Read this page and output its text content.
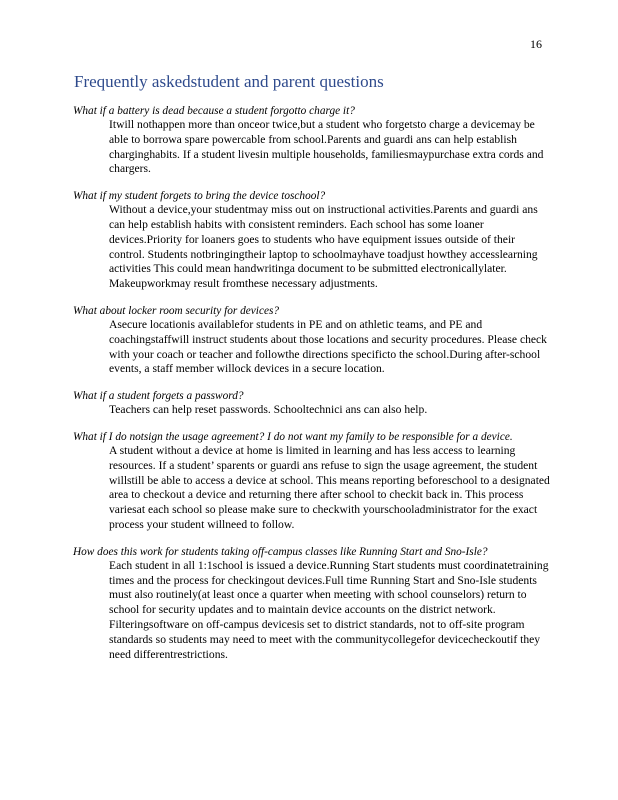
16
Frequently askedstudent and parent questions

What if a battery is dead because a student forgotto charge it?

Itwill nothappen more than onceor twice,but a student who forgetsto charge a devicemay be able to borrowa spare powercable from school.Parents and guardi ans can help establish charginghabits. If a student livesin multiple households, familiesmaypurchase extra cords and chargers.

What if my student forgets to bring the device toschool?

Without a device,your studentmay miss out on instructional activities.Parents and guardi ans can help establish habits with consistent reminders. Each school has some loaner devices.Priority for loaners goes to students who have equipment issues outside of their control. Students notbringingtheir laptop to schoolmayhave toadjust howthey accesslearning activities This could mean handwritinga document to be submitted electronicallylater. Makeupworkmay result fromthese necessary adjustments.

What about locker room security for devices?

Asecure locationis availablefor students in PE and on athletic teams, and PE and coachingstaffwill instruct students about those locations and security procedures. Please check with your coach or teacher and followthe directions specificto the school.During after-school events, a staff member willock devices in a secure location.

What if a student forgets a password?

Teachers can help reset passwords. Schooltechnici ans can also help.

What if I do notsign the usage agreement? I do not want my family to be responsible for a device.

A student without a device at home is limited in learning and has less access to learning resources. If a student’ sparents or guardi ans refuse to sign the usage agreement, the student willstill be able to access a device at school. This means reporting beforeschool to a designated area to checkout a device and returning there after school to checkit back in. This process variesat each school so please make sure to checkwith yourschooladministrator for the exact process your student willneed to follow.

How does this work for students taking off-campus classes like Running Start and Sno-Isle?

Each student in all 1:1school is issued a device.Running Start students must coordinatetraining times and the process for checkingout devices.Full time Running Start and Sno-Isle students must also routinely(at least once a quarter when meeting with school counselors) return to school for security updates and to maintain device accounts on the district network. Filteringsoftware on off-campus devicesis set to district standards, not to off-site program standards so students may need to meet with the communitycollegefor devicecheckoutif they need differentrestrictions.
